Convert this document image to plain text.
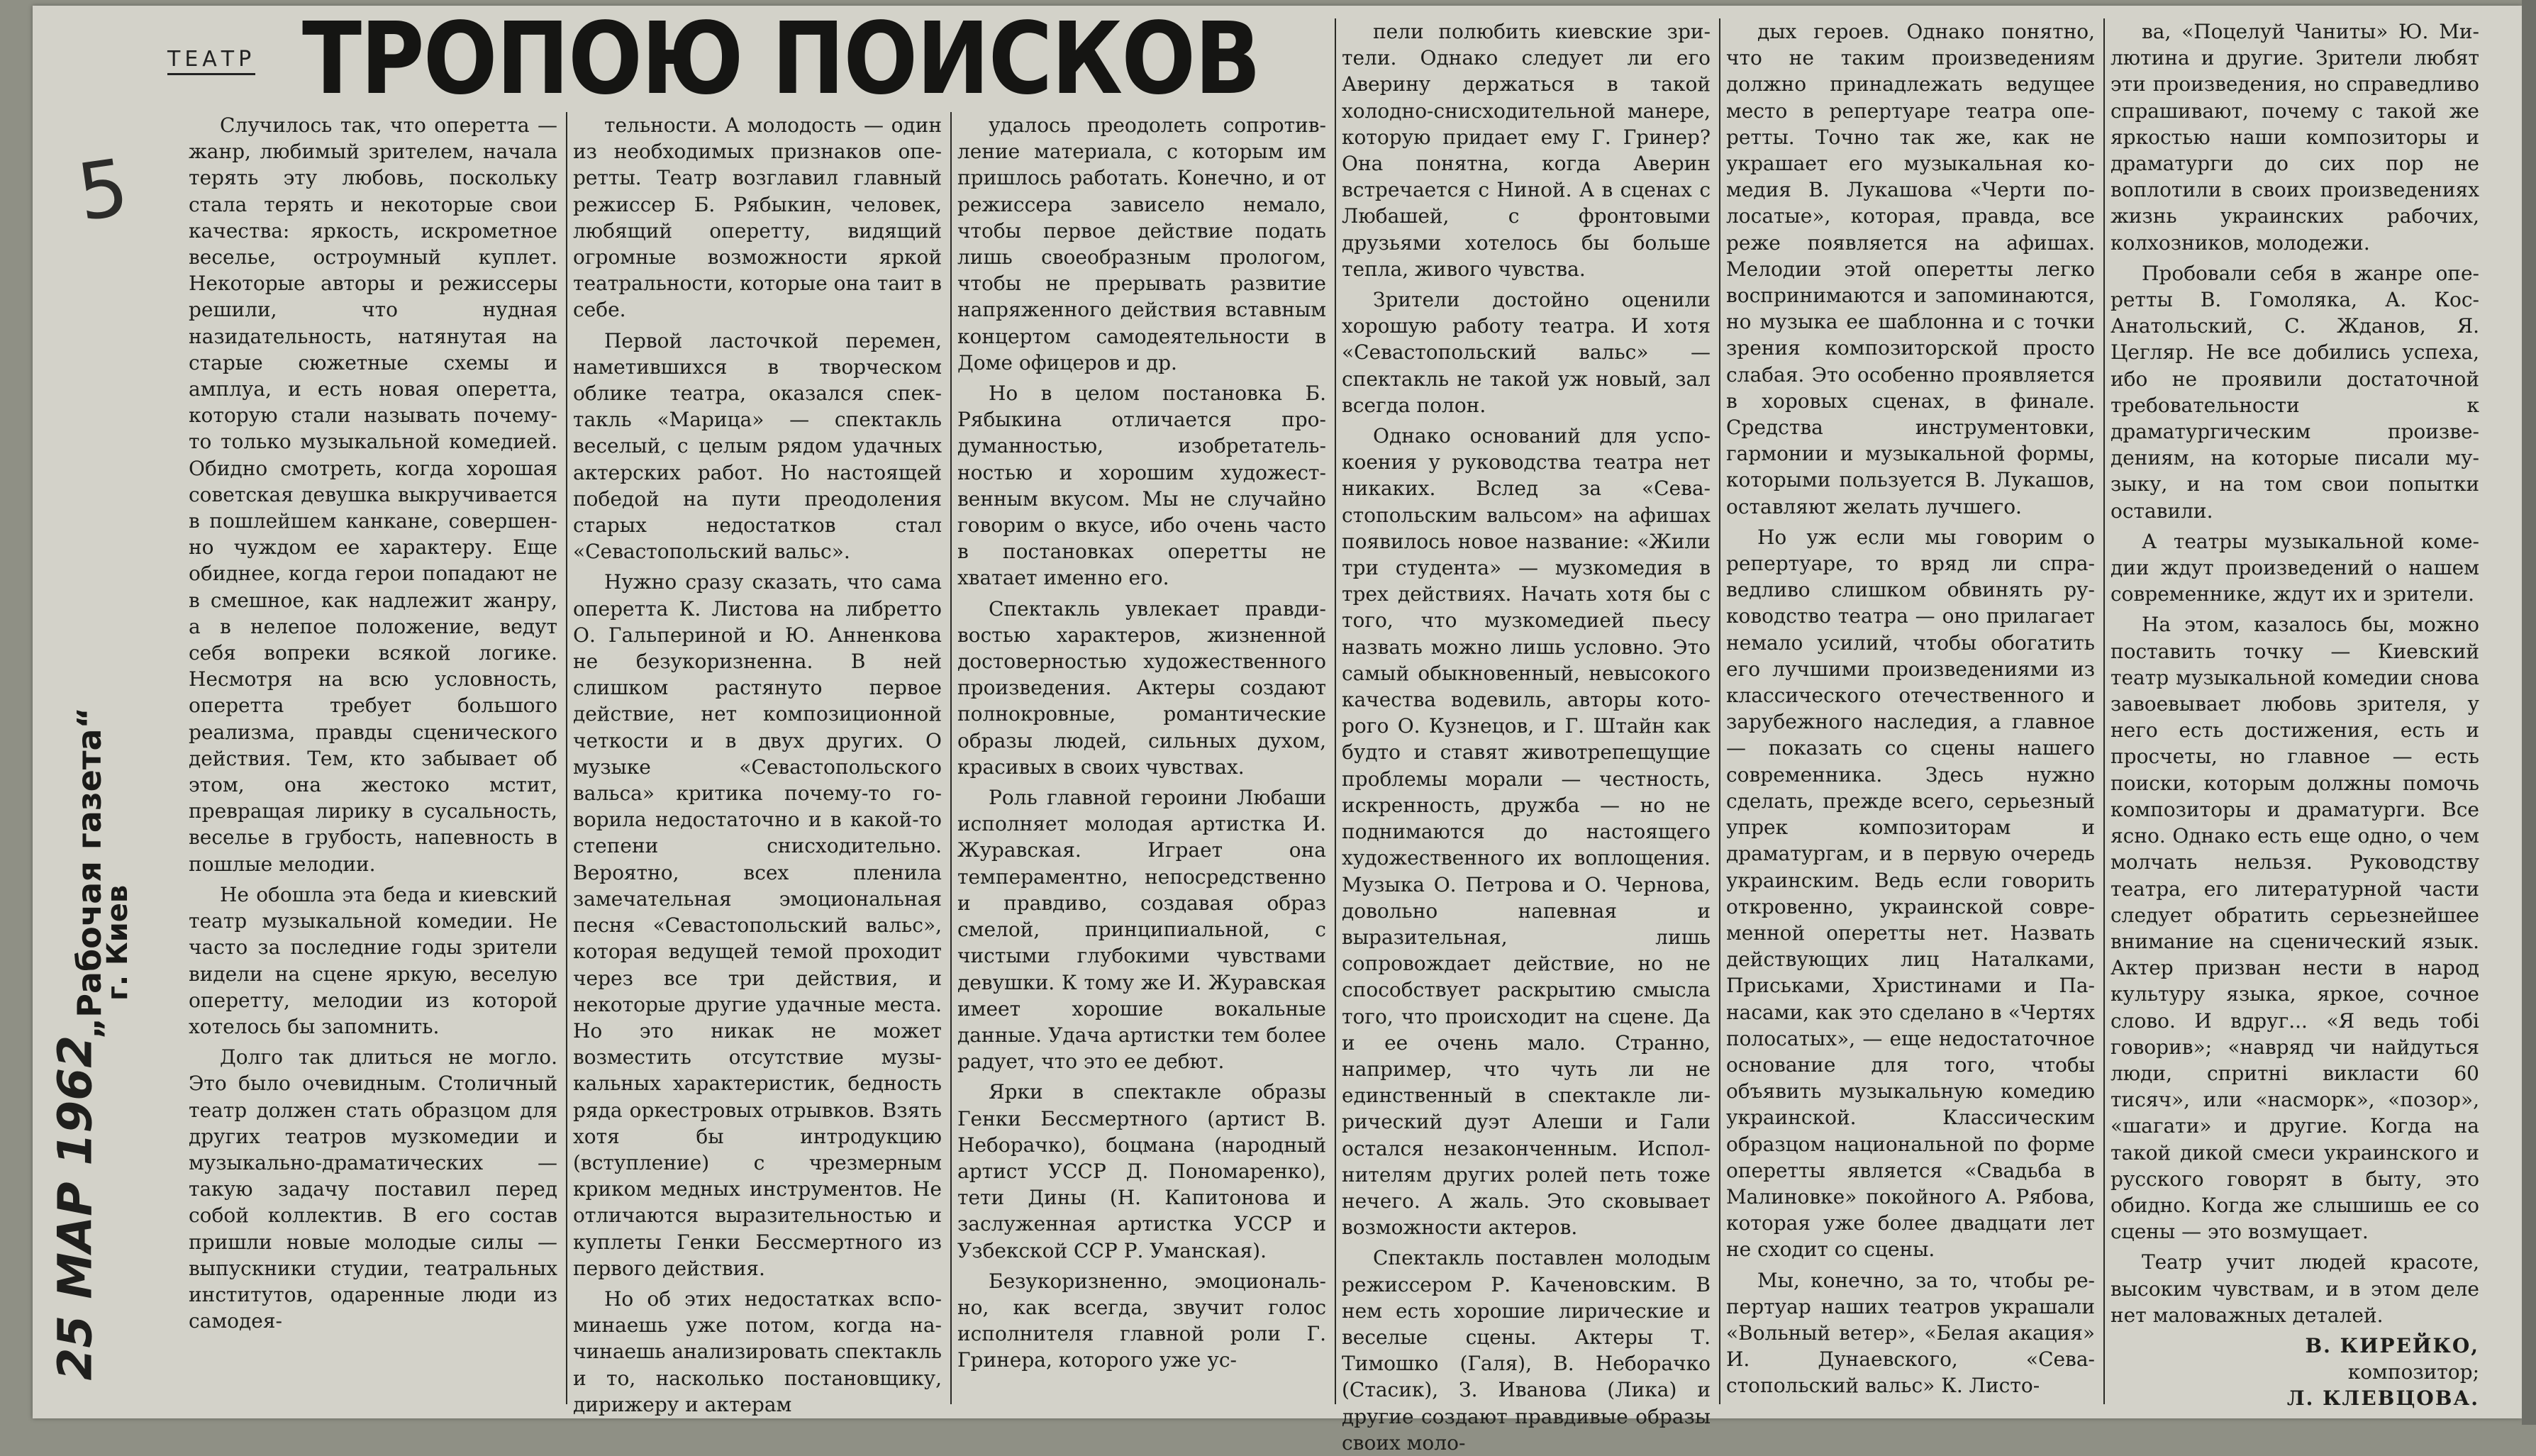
5
„Рабочая газета“
г. Киев
25 МАР 1962
ТЕАТР ТРОПОЮ ПОИСКОВ

Случилось так, что оперетта —жанр, любимый зрителем, начала терять эту любовь, поскольку стала терять и некоторые свои качества: яркость, искрометное веселье, остроумный куплет. Некоторые авторы и режиссеры решили, что нудная назидательность, натянутая на старые сюжетные схемы и амплуа, и есть новая оперетта, которую стали называть почему-то только музыкальной комедией. Обидно смотреть, когда хорошая советская девушка выкручивается в пошлейшем канкане, совершенно чуждом ее характеру. Еще обиднее, когда герои попадают не в смешное, как надлежит жанру, а в нелепое положение, ведут себя вопреки всякой логике. Несмотря на всю условность, оперетта требует большого реализма, правды сценического действия. Тем, кто забывает об этом, она жестоко мстит, превращая лирику в сусальность, веселье в грубость, напевность в пошлые мелодии.

Не обошла эта беда и киевский театр музыкальной комедии. Не часто за последние годы зрители видели на сцене яркую, веселую оперетту, мелодии из которой хотелось бы запомнить.

Долго так длиться не могло. Это было очевидным. Столичный театр должен стать образцом для других театров музкомедии и музыкально-драматических — такую задачу поставил перед собой коллектив. В его состав пришли новые молодые силы — выпускники студии, театральных институтов, одаренные люди из самодея-

тельности. А молодость — один из необходимых признаков оперетты. Театр возглавил главный режиссер Б. Рябыкин, человек, любящий оперетту, видящий огромные возможности яркой театральности, которые она таит в себе.

Первой ласточкой перемен, наметившихся в творческом облике театра, оказался спектакль «Марица» — спектакль веселый, с целым рядом удачных актерских работ. Но настоящей победой на пути преодоления старых недостатков стал «Севастопольский вальс».

Нужно сразу сказать, что сама оперетта К. Листова на либретто О. Гальпериной и Ю. Анненкова не безукоризненна. В ней слишком растянуто первое действие, нет композиционной четкости и в двух других. О музыке «Севастопольского вальса» критика почему-то говорила недостаточно и в какой-то степени снисходительно. Вероятно, всех пленила замечательная эмоциональная песня «Севастопольский вальс», которая ведущей темой проходит через все три действия, и некоторые другие удачные места. Но это никак не может возместить отсутствие музыкальных характеристик, бедность ряда оркестровых отрывков. Взять хотя бы интродукцию (вступление) с чрезмерным криком медных инструментов. Не отличаются выразительностью и куплеты Генки Бессмертного из первого действия.

Но об этих недостатках вспоминаешь уже потом, когда начинаешь анализировать спектакль и то, насколько постановщику, дирижеру и актерам

удалось преодолеть сопротивление материала, с которым им пришлось работать. Конечно, и от режиссера зависело немало, чтобы первое действие подать лишь своеобразным прологом, чтобы не прерывать развитие напряженного действия вставным концертом самодеятельности в Доме офицеров и др.

Но в целом постановка Б. Рябыкина отличается продуманностью, изобретательностью и хорошим художественным вкусом. Мы не случайно говорим о вкусе, ибо очень часто в постановках оперетты не хватает именно его.

Спектакль увлекает правдивостью характеров, жизненной достоверностью художественного произведения. Актеры создают полнокровные, романтические образы людей, сильных духом, красивых в своих чувствах.

Роль главной героини Любаши исполняет молодая артистка И. Журавская. Играет она темпераментно, непосредственно и правдиво, создавая образ смелой, принципиальной, с чистыми глубокими чувствами девушки. К тому же И. Журавская имеет хорошие вокальные данные. Удача артистки тем более радует, что это ее дебют.

Ярки в спектакле образы Генки Бессмертного (артист В. Неборачко), боцмана (народный артист УССР Д. Пономаренко), тети Дины (Н. Капитонова и заслуженная артистка УССР и Узбекской ССР Р. Уманская).

Безукоризненно, эмоционально, как всегда, звучит голос исполнителя главной роли Г. Гринера, которого уже ус-

пели полюбить киевские зрители. Однако следует ли его Аверину держаться в такой холодно-снисходительной манере, которую придает ему Г. Гринер? Она понятна, когда Аверин встречается с Ниной. А в сценах с Любашей, с фронтовыми друзьями хотелось бы больше тепла, живого чувства.

Зрители достойно оценили хорошую работу театра. И хотя «Севастопольский вальс» — спектакль не такой уж новый, зал всегда полон.

Однако оснований для успокоения у руководства театра нет никаких. Вслед за «Севастопольским вальсом» на афишах появилось новое название: «Жили три студента» — музкомедия в трех действиях. Начать хотя бы с того, что музкомедией пьесу назвать можно лишь условно. Это самый обыкновенный, невысокого качества водевиль, авторы которого О. Кузнецов, и Г. Штайн как будто и ставят животрепещущие проблемы морали — честность, искренность, дружба — но не поднимаются до настоящего художественного их воплощения. Музыка О. Петрова и О. Чернова, довольно напевная и выразительная, лишь сопровождает действие, но не способствует раскрытию смысла того, что происходит на сцене. Да и ее очень мало. Странно, например, что чуть ли не единственный в спектакле лирический дуэт Алеши и Гали остался незаконченным. Исполнителям других ролей петь тоже нечего. А жаль. Это сковывает возможности актеров.

Спектакль поставлен молодым режиссером Р. Каченовским. В нем есть хорошие лирические и веселые сцены. Актеры Т. Тимошко (Галя), В. Неборачко (Стасик), З. Иванова (Лика) и другие создают правдивые образы своих моло-

дых героев. Однако понятно, что не таким произведениям должно принадлежать ведущее место в репертуаре театра оперетты. Точно так же, как не украшает его музыкальная комедия В. Лукашова «Черти полосатые», которая, правда, все реже появляется на афишах. Мелодии этой оперетты легко воспринимаются и запоминаются, но музыка ее шаблонна и с точки зрения композиторской просто слабая. Это особенно проявляется в хоровых сценах, в финале. Средства инструментовки, гармонии и музыкальной формы, которыми пользуется В. Лукашов, оставляют желать лучшего.

Но уж если мы говорим о репертуаре, то вряд ли справедливо слишком обвинять руководство театра — оно прилагает немало усилий, чтобы обогатить его лучшими произведениями из классического отечественного и зарубежного наследия, а главное — показать со сцены нашего современника. Здесь нужно сделать, прежде всего, серьезный упрек композиторам и драматургам, и в первую очередь украинским. Ведь если говорить откровенно, украинской современной оперетты нет. Назвать действующих лиц Наталками, Приськами, Христинами и Панасами, как это сделано в «Чертях полосатых», — еще недостаточное основание для того, чтобы объявить музыкальную комедию украинской. Классическим образцом национальной по форме оперетты является «Свадьба в Малиновке» покойного А. Рябова, которая уже более двадцати лет не сходит со сцены.

Мы, конечно, за то, чтобы репертуар наших театров украшали «Вольный ветер», «Белая акация» И. Дунаевского, «Севастопольский вальс» К. Листо-

ва, «Поцелуй Чаниты» Ю. Милютина и другие. Зрители любят эти произведения, но справедливо спрашивают, почему с такой же яркостью наши композиторы и драматурги до сих пор не воплотили в своих произведениях жизнь украинских рабочих, колхозников, молодежи.

Пробовали себя в жанре оперетты В. Гомоляка, А. Кос-Анатольский, С. Жданов, Я. Цегляр. Не все добились успеха, ибо не проявили достаточной требовательности к драматургическим произведениям, на которые писали музыку, и на том свои попытки оставили.

А театры музыкальной комедии ждут произведений о нашем современнике, ждут их и зрители.

На этом, казалось бы, можно поставить точку — Киевский театр музыкальной комедии снова завоевывает любовь зрителя, у него есть достижения, есть и просчеты, но главное — есть поиски, которым должны помочь композиторы и драматурги. Все ясно. Однако есть еще одно, о чем молчать нельзя. Руководству театра, его литературной части следует обратить серьезнейшее внимание на сценический язык. Актер призван нести в народ культуру языка, яркое, сочное слово. И вдруг... «Я ведь тобі говорив»; «навряд чи найдуться люди, спритні викласти 60 тисяч», или «насморк», «позор», «шагати» и другие. Когда на такой дикой смеси украинского и русского говорят в быту, это обидно. Когда же слышишь ее со сцены — это возмущает.

Театр учит людей красоте, высоким чувствам, и в этом деле нет маловажных деталей.

В. КИРЕЙКО,
композитор;
Л. КЛЕВЦОВА.
